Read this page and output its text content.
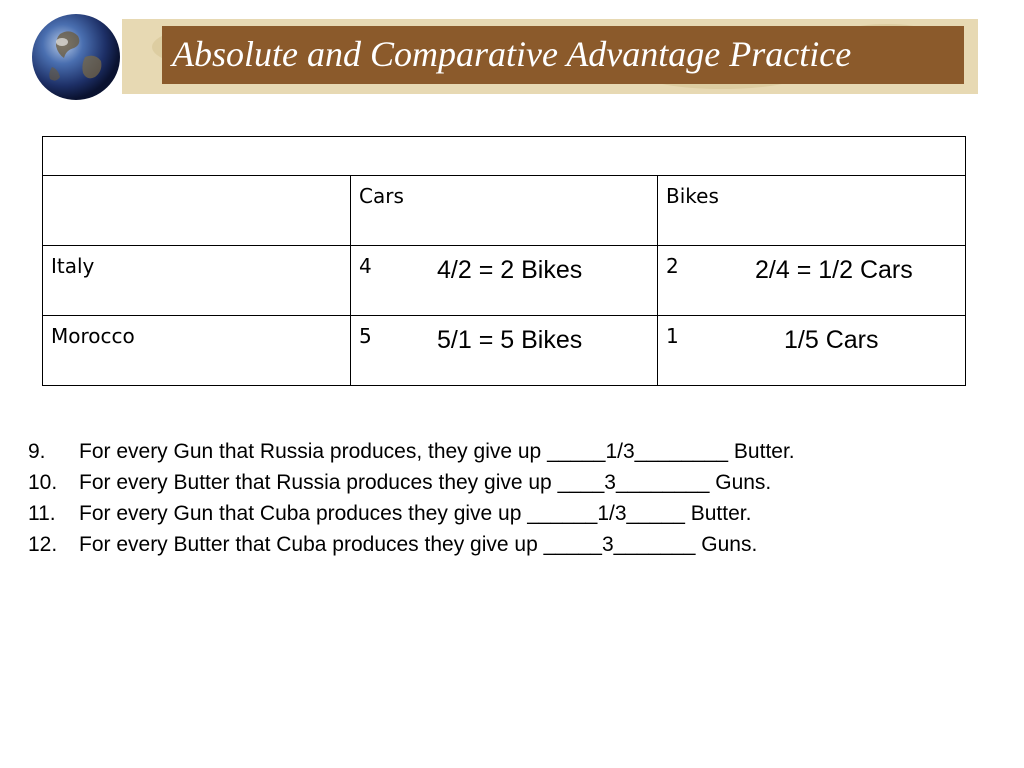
Absolute and Comparative Advantage Practice

	Cars	Bikes

Italy	4 4/2 = 2 Bikes	2 2/4 = 1/2 Cars

Morocco	5 5/1 = 5 Bikes	1 1/5 Cars
9.	For every Gun that Russia produces, they give up _____1/3________ Butter.
10.	For every Butter that Russia produces they give up ____3________ Guns.
11.	For every Gun that Cuba produces they give up ______1/3_____ Butter.
12.	For every Butter that Cuba produces they give up _____3_______ Guns.
